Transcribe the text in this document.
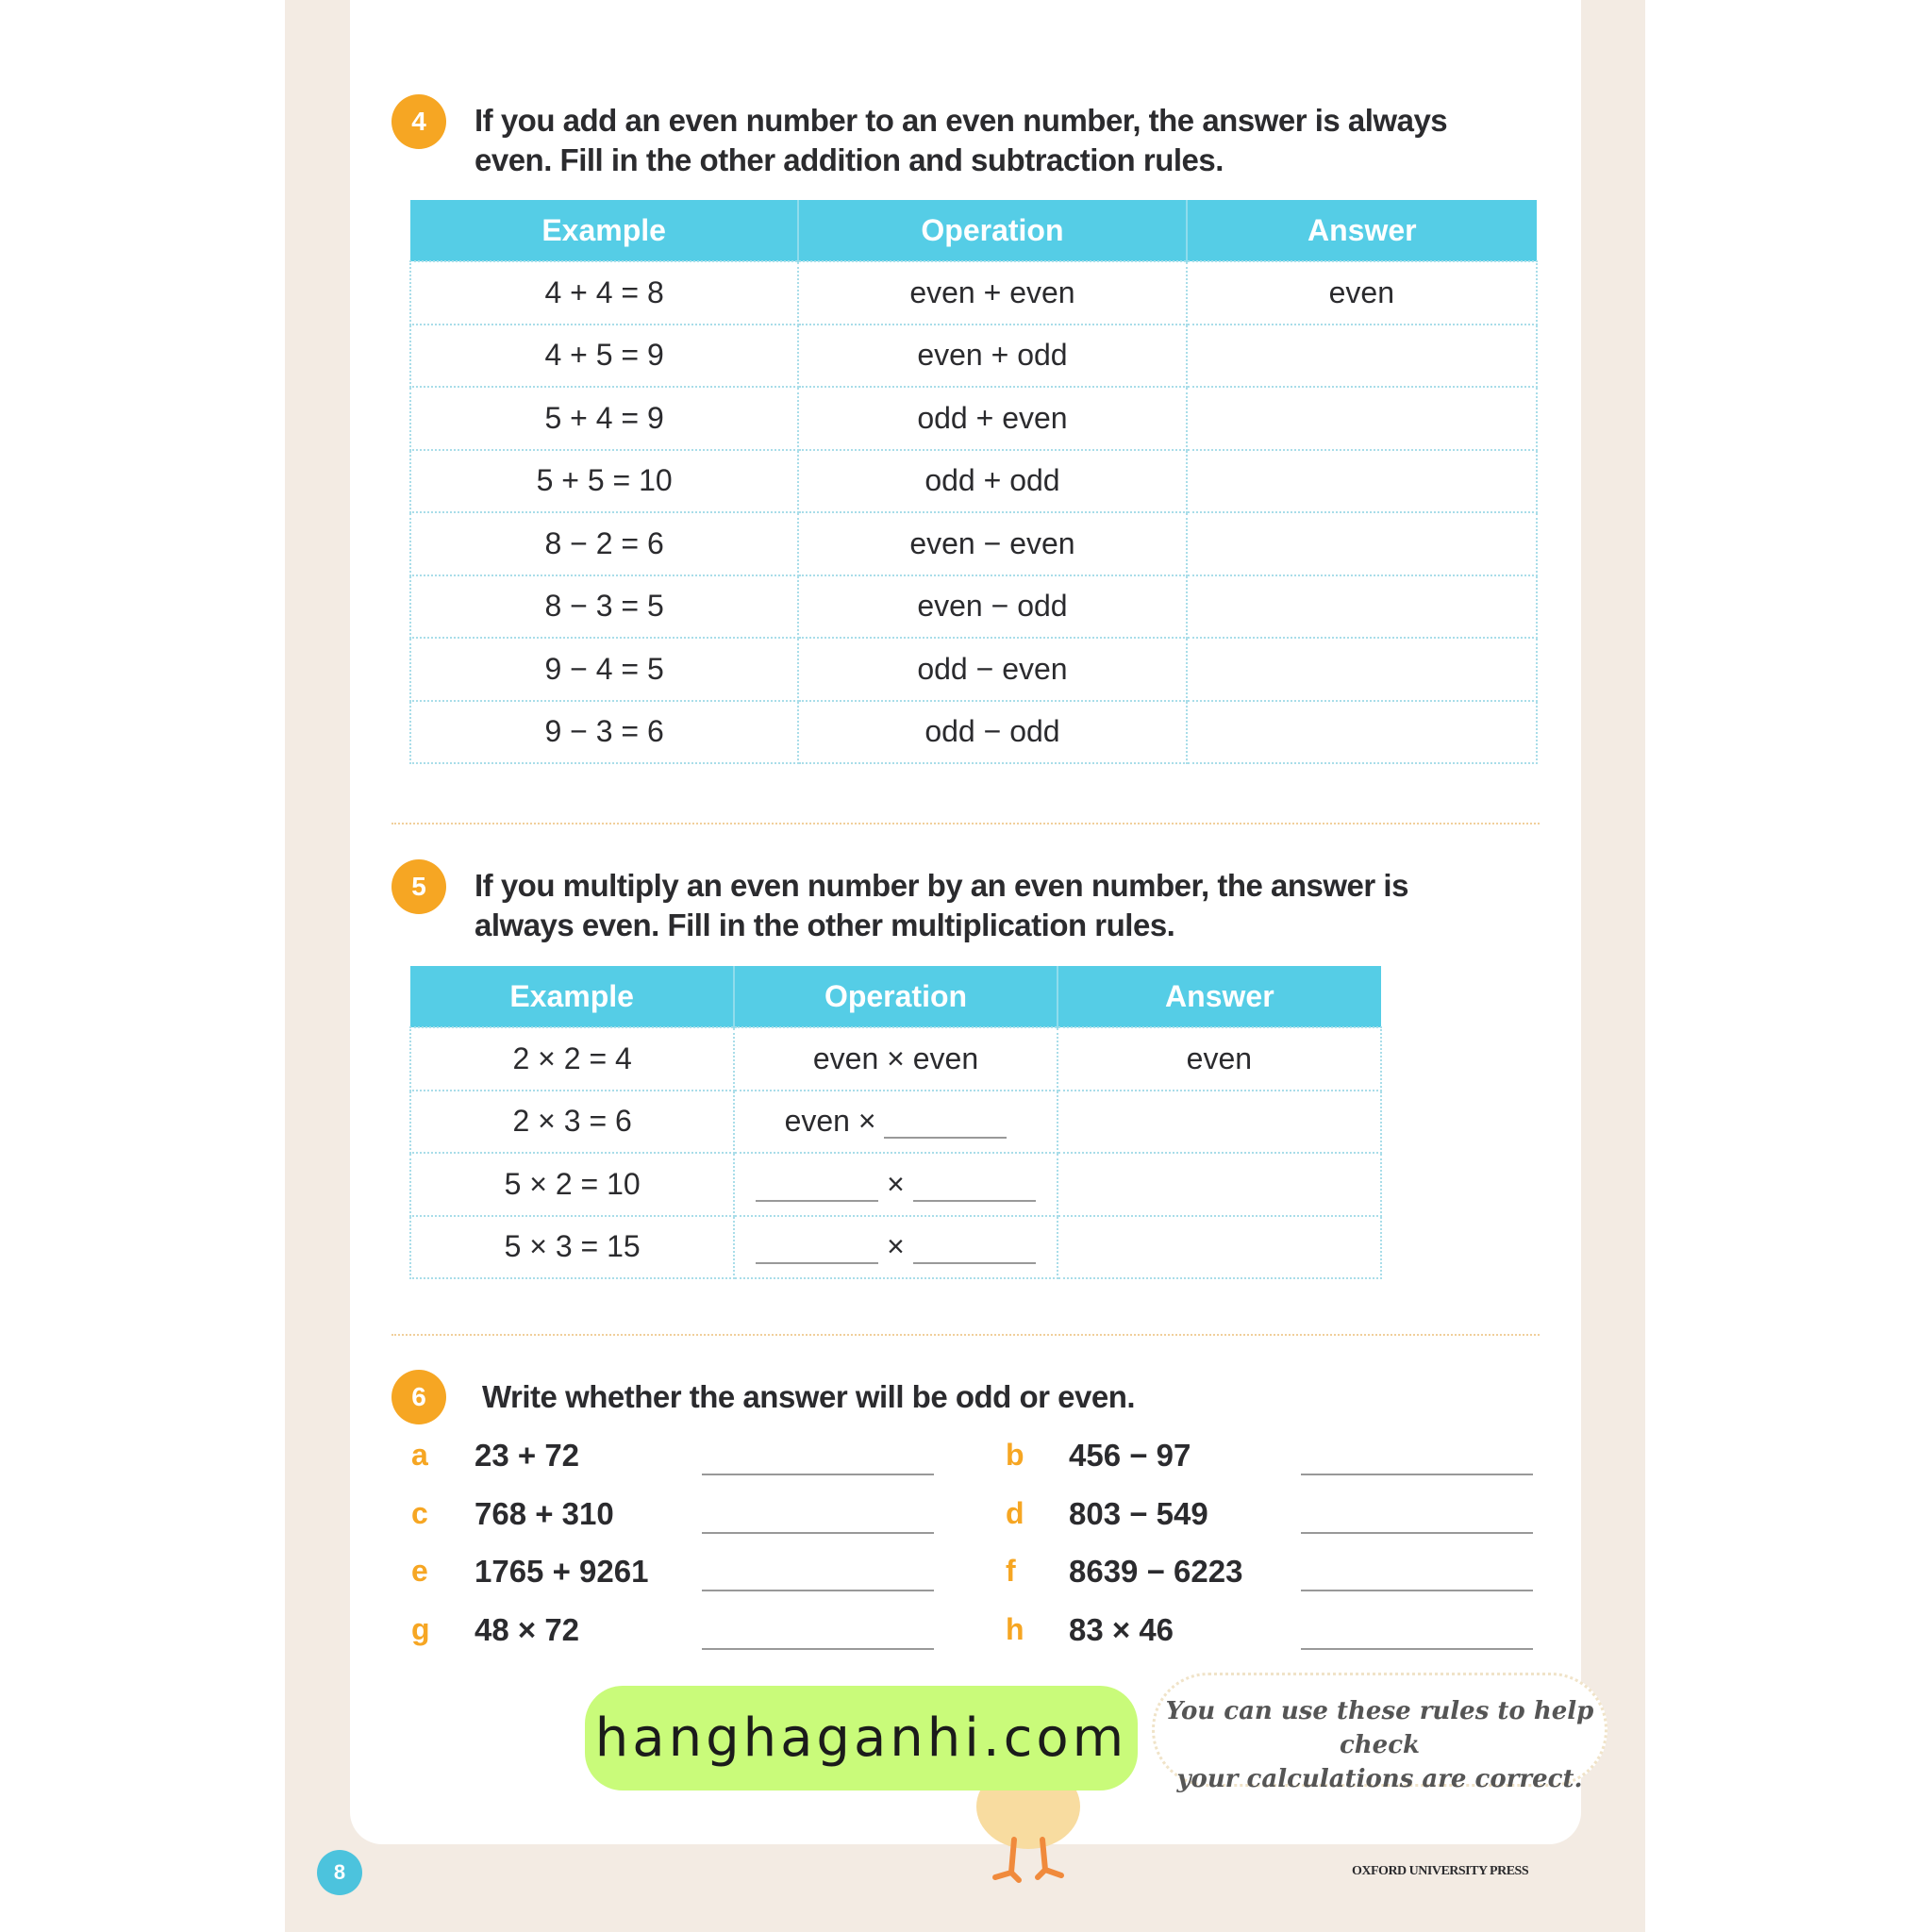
4	If you add an even number to an even number, the answer is always
even. Fill in the other addition and subtraction rules.
Example	Operation	Answer
4 + 4 = 8	even + even	even
4 + 5 = 9	even + odd	
5 + 4 = 9	odd + even	
5 + 5 = 10	odd + odd	
8 − 2 = 6	even − even	
8 − 3 = 5	even − odd	
9 − 4 = 5	odd − even	
9 − 3 = 6	odd − odd	
5	If you multiply an even number by an even number, the answer is
always even. Fill in the other multiplication rules.
Example	Operation	Answer
2 × 2 = 4	even × even	even
2 × 3 = 6	even ×	
5 × 2 = 10	×	
5 × 3 = 15	×	
6	Write whether the answer will be odd or even.
a 23 + 72	b 456 − 97
c 768 + 310	d 803 − 549
e 1765 + 9261	f 8639 − 6223
g 48 × 72	h 83 × 46
You can use these rules to help check
your calculations are correct.
hanghaganhi.com
8	OXFORD UNIVERSITY PRESS
